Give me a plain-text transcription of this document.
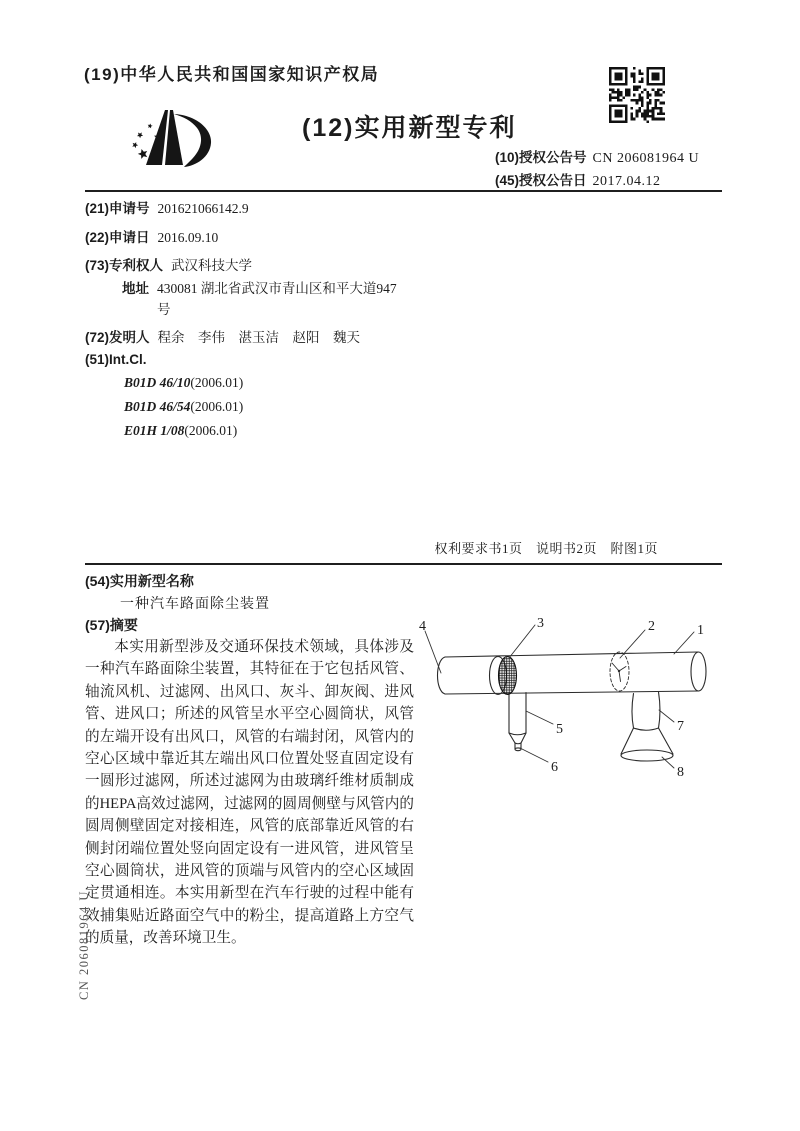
(19)中华人民共和国国家知识产权局
(12)实用新型专利
(10)授权公告号 CN 206081964 U
(45)授权公告日 2017.04.12
(21)申请号 201621066142.9
(22)申请日 2016.09.10
(73)专利权人 武汉科技大学
地址 430081 湖北省武汉市青山区和平大道947号
(72)发明人 程余　李伟　湛玉洁　赵阳　魏天
(51)Int.Cl.
B01D 46/10(2006.01)
B01D 46/54(2006.01)
E01H 1/08(2006.01)
权利要求书1页　说明书2页　附图1页
(54)实用新型名称
一种汽车路面除尘装置
(57)摘要
本实用新型涉及交通环保技术领域，具体涉及一种汽车路面除尘装置，其特征在于它包括风管、轴流风机、过滤网、出风口、灰斗、卸灰阀、进风管、进风口；所述的风管呈水平空心圆筒状，风管的左端开设有出风口，风管的右端封闭，风管内的空心区域中靠近其左端出风口位置处竖直固定设有一圆形过滤网，所述过滤网为由玻璃纤维材质制成的HEPA高效过滤网，过滤网的圆周侧壁与风管内的圆周侧壁固定对接相连，风管的底部靠近风管的右侧封闭端位置处竖向固定设有一进风管，进风管呈空心圆筒状，进风管的顶端与风管内的空心区域固定贯通相连。本实用新型在汽车行驶的过程中能有效捕集贴近路面空气中的粉尘，提高道路上方空气的质量，改善环境卫生。
1
2
3
4
5
6
7
8
CN 206081964 U
